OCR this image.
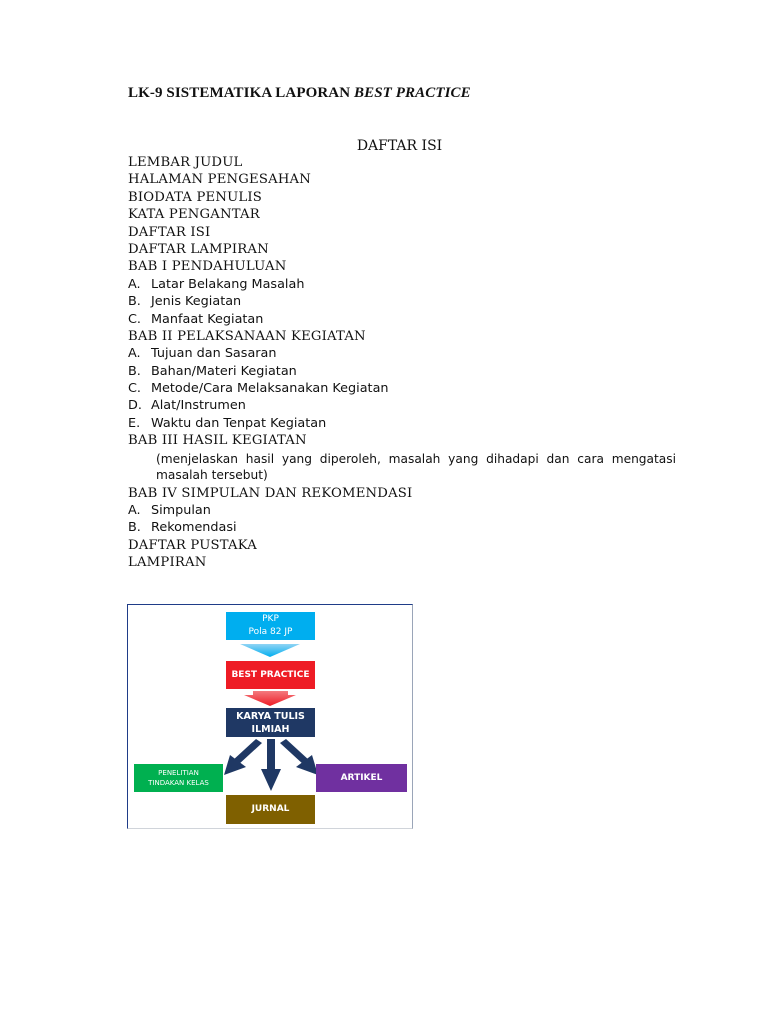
LK-9 SISTEMATIKA LAPORAN BEST PRACTICE
DAFTAR ISI
LEMBAR JUDUL
HALAMAN PENGESAHAN
BIODATA PENULIS
KATA PENGANTAR
DAFTAR ISI
DAFTAR LAMPIRAN
BAB I PENDAHULUAN
A. Latar Belakang Masalah
B. Jenis Kegiatan
C. Manfaat Kegiatan
BAB II PELAKSANAAN KEGIATAN
A. Tujuan dan Sasaran
B. Bahan/Materi Kegiatan
C. Metode/Cara Melaksanakan Kegiatan
D. Alat/Instrumen
E. Waktu dan Tenpat Kegiatan
BAB III HASIL KEGIATAN
(menjelaskan hasil yang diperoleh, masalah yang dihadapi dan cara mengatasi masalah tersebut)
BAB IV SIMPULAN DAN REKOMENDASI
A. Simpulan
B. Rekomendasi
DAFTAR PUSTAKA
LAMPIRAN
PKP
Pola 82 JP
BEST PRACTICE
KARYA TULIS
ILMIAH
PENELITIAN
TINDAKAN KELAS
ARTIKEL
JURNAL
